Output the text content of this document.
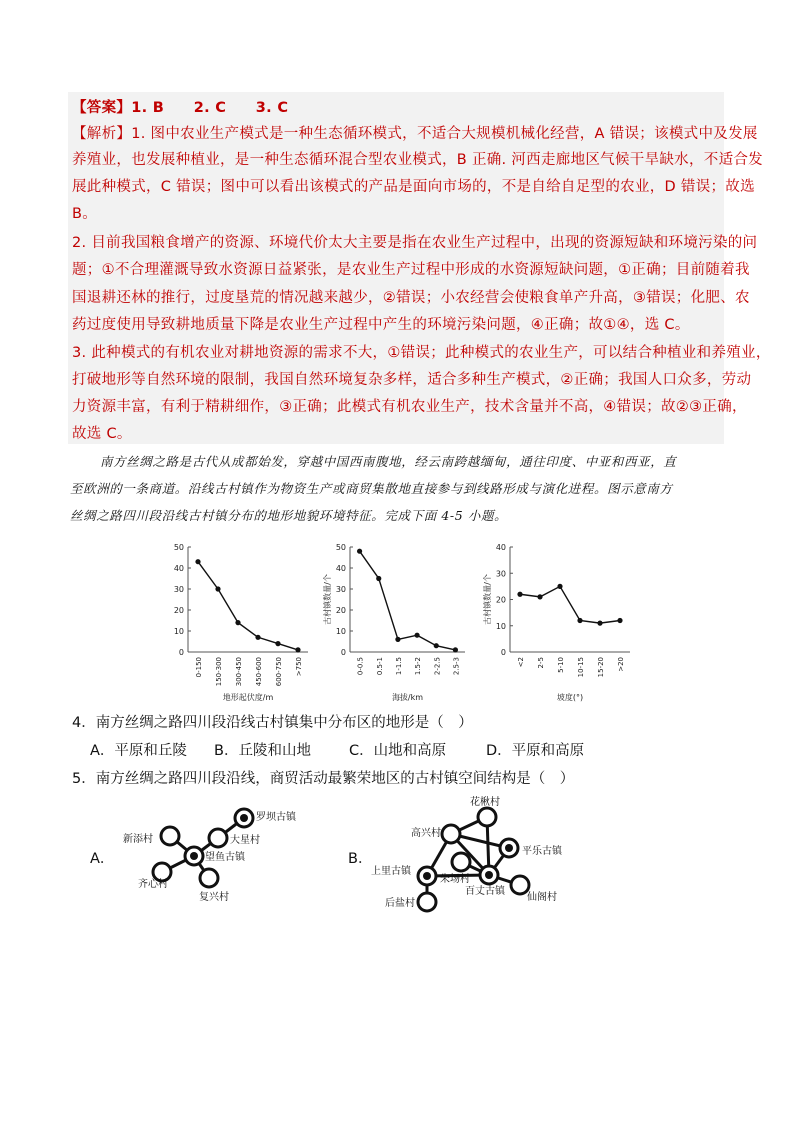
【答案】1. B　　2. C　　3. C
【解析】1. 图中农业生产模式是一种生态循环模式，不适合大规模机械化经营，A 错误；该模式中及发展
养殖业，也发展种植业，是一种生态循环混合型农业模式，B 正确. 河西走廊地区气候干旱缺水，不适合发
展此种模式，C 错误；图中可以看出该模式的产品是面向市场的，不是自给自足型的农业，D 错误；故选
B。
2. 目前我国粮食增产的资源、环境代价太大主要是指在农业生产过程中，出现的资源短缺和环境污染的问
题；①不合理灌溉导致水资源日益紧张，是农业生产过程中形成的水资源短缺问题，①正确；目前随着我
国退耕还林的推行，过度垦荒的情况越来越少，②错误；小农经营会使粮食单产升高，③错误；化肥、农
药过度使用导致耕地质量下降是农业生产过程中产生的环境污染问题，④正确；故①④，选 C。
3. 此种模式的有机农业对耕地资源的需求不大，①错误；此种模式的农业生产，可以结合种植业和养殖业，
打破地形等自然环境的限制，我国自然环境复杂多样，适合多种生产模式，②正确；我国人口众多，劳动
力资源丰富，有利于精耕细作，③正确；此模式有机农业生产，技术含量并不高，④错误；故②③正确，
故选 C。
南方丝绸之路是古代从成都始发，穿越中国西南腹地，经云南跨越缅甸，通往印度、中亚和西亚，直
至欧洲的一条商道。沿线古村镇作为物资生产或商贸集散地直接参与到线路形成与演化进程。图示意南方
丝绸之路四川段沿线古村镇分布的地形地貌环境特征。完成下面 4-5 小题。
0
10
20
30
40
50
0-150 150-300 300-450 450-600 600-750 >750
地形起伏度/m
0
10
20
30
40
50
0-0.5 0.5-1 1-1.5 1.5-2 2-2.5 2.5-3
海拔/km
古村镇数量/个
0
10
20
30
40
<2 2-5 5-10 10-15 15-20 >20
坡度(°)
古村镇数量/个
4．南方丝绸之路四川段沿线古村镇集中分布区的地形是（　）
A．平原和丘陵 B．丘陵和山地	C．山地和高原	D．平原和高原
5．南方丝绸之路四川段沿线，商贸活动最繁荣地区的古村镇空间结构是（　）
A．	B．
罗坝古镇
大星村
新添村
望鱼古镇
齐心村
复兴村
花楸村
高兴村
平乐古镇
上里古镇
朱场村
百丈古镇
仙阁村
后盐村
